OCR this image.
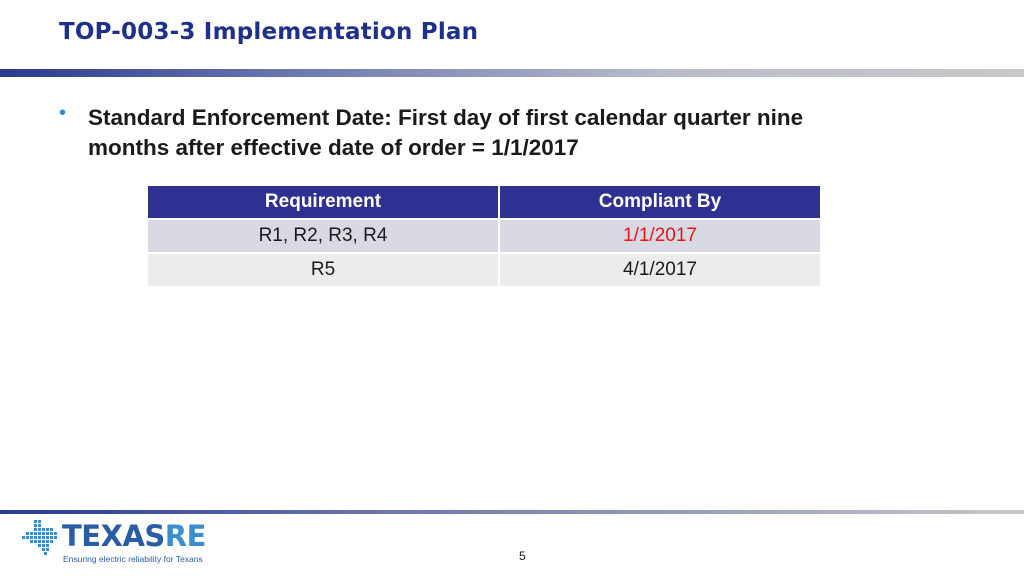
TOP-003-3 Implementation Plan
• Standard Enforcement Date: First day of first calendar quarter nine months after effective date of order = 1/1/2017
Requirement	Compliant By
R1, R2, R3, R4	1/1/2017
R5	4/1/2017
TEXASRE
Ensuring electric reliability for Texans	5
